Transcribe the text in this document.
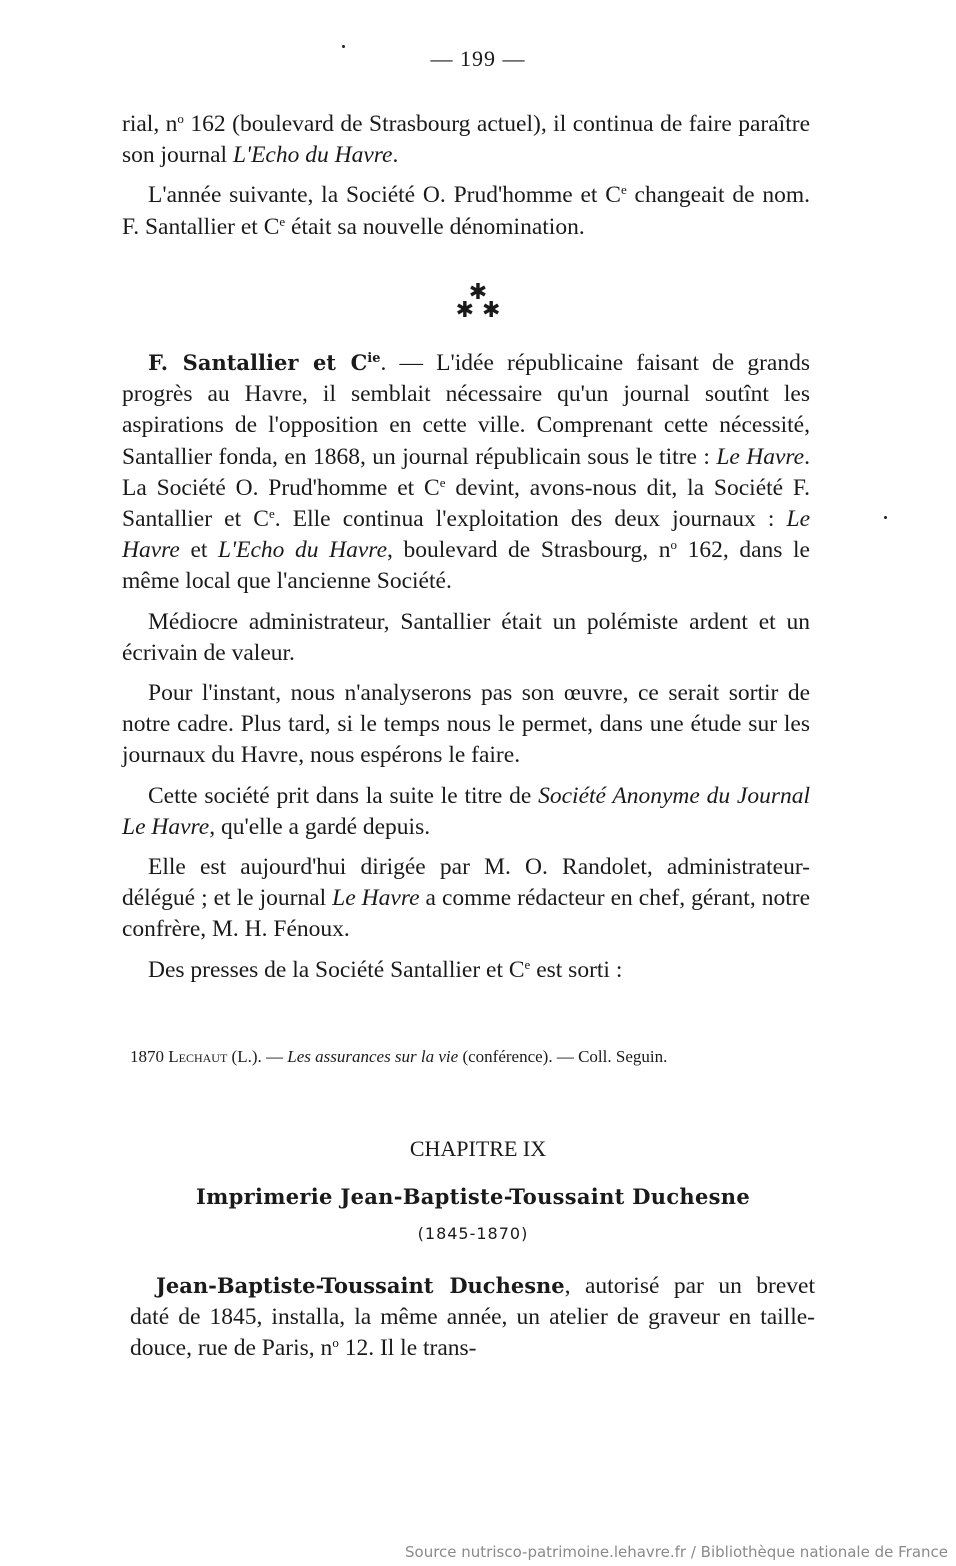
— 199 —

rial, $n^o$ 162 (boulevard de Strasbourg actuel), il continua de faire paraître son journal L'Echo du Havre.

L'année suivante, la Société O. Prud'homme et Ce changeait de nom. F. Santallier et Ce était sa nouvelle dénomination.

✱
✱✱

F. Santallier et $C^{ie}$. — L'idée républicaine faisant de grands progrès au Havre, il semblait nécessaire qu'un journal soutînt les aspirations de l'opposition en cette ville. Comprenant cette nécessité, Santallier fonda, en 1868, un journal républicain sous le titre : Le Havre. La Société O. Prud'homme et Ce devint, avons-nous dit, la Société F. Santallier et Ce. Elle continua l'exploitation des deux journaux : Le Havre et L'Echo du Havre, boulevard de Strasbourg, $n^o$ 162, dans le même local que l'ancienne Société.

Médiocre administrateur, Santallier était un polémiste ardent et un écrivain de valeur.

Pour l'instant, nous n'analyserons pas son œuvre, ce serait sortir de notre cadre. Plus tard, si le temps nous le permet, dans une étude sur les journaux du Havre, nous espérons le faire.

Cette société prit dans la suite le titre de Société Anonyme du Journal Le Havre, qu'elle a gardé depuis.

Elle est aujourd'hui dirigée par M. O. Randolet, administrateur-délégué ; et le journal Le Havre a comme rédacteur en chef, gérant, notre confrère, M. H. Fénoux.

Des presses de la Société Santallier et Ce est sorti :

1870 Lechaut (L.). — Les assurances sur la vie (conférence). — Coll. Seguin.
CHAPITRE IX
Imprimerie Jean-Baptiste-Toussaint Duchesne
(1845-1870)

Jean-Baptiste-Toussaint Duchesne, autorisé par un brevet daté de 1845, installa, la même année, un atelier de graveur en taille-douce, rue de Paris, $n^o$ 12. Il le trans-

Source nutrisco-patrimoine.lehavre.fr / Bibliothèque nationale de France
